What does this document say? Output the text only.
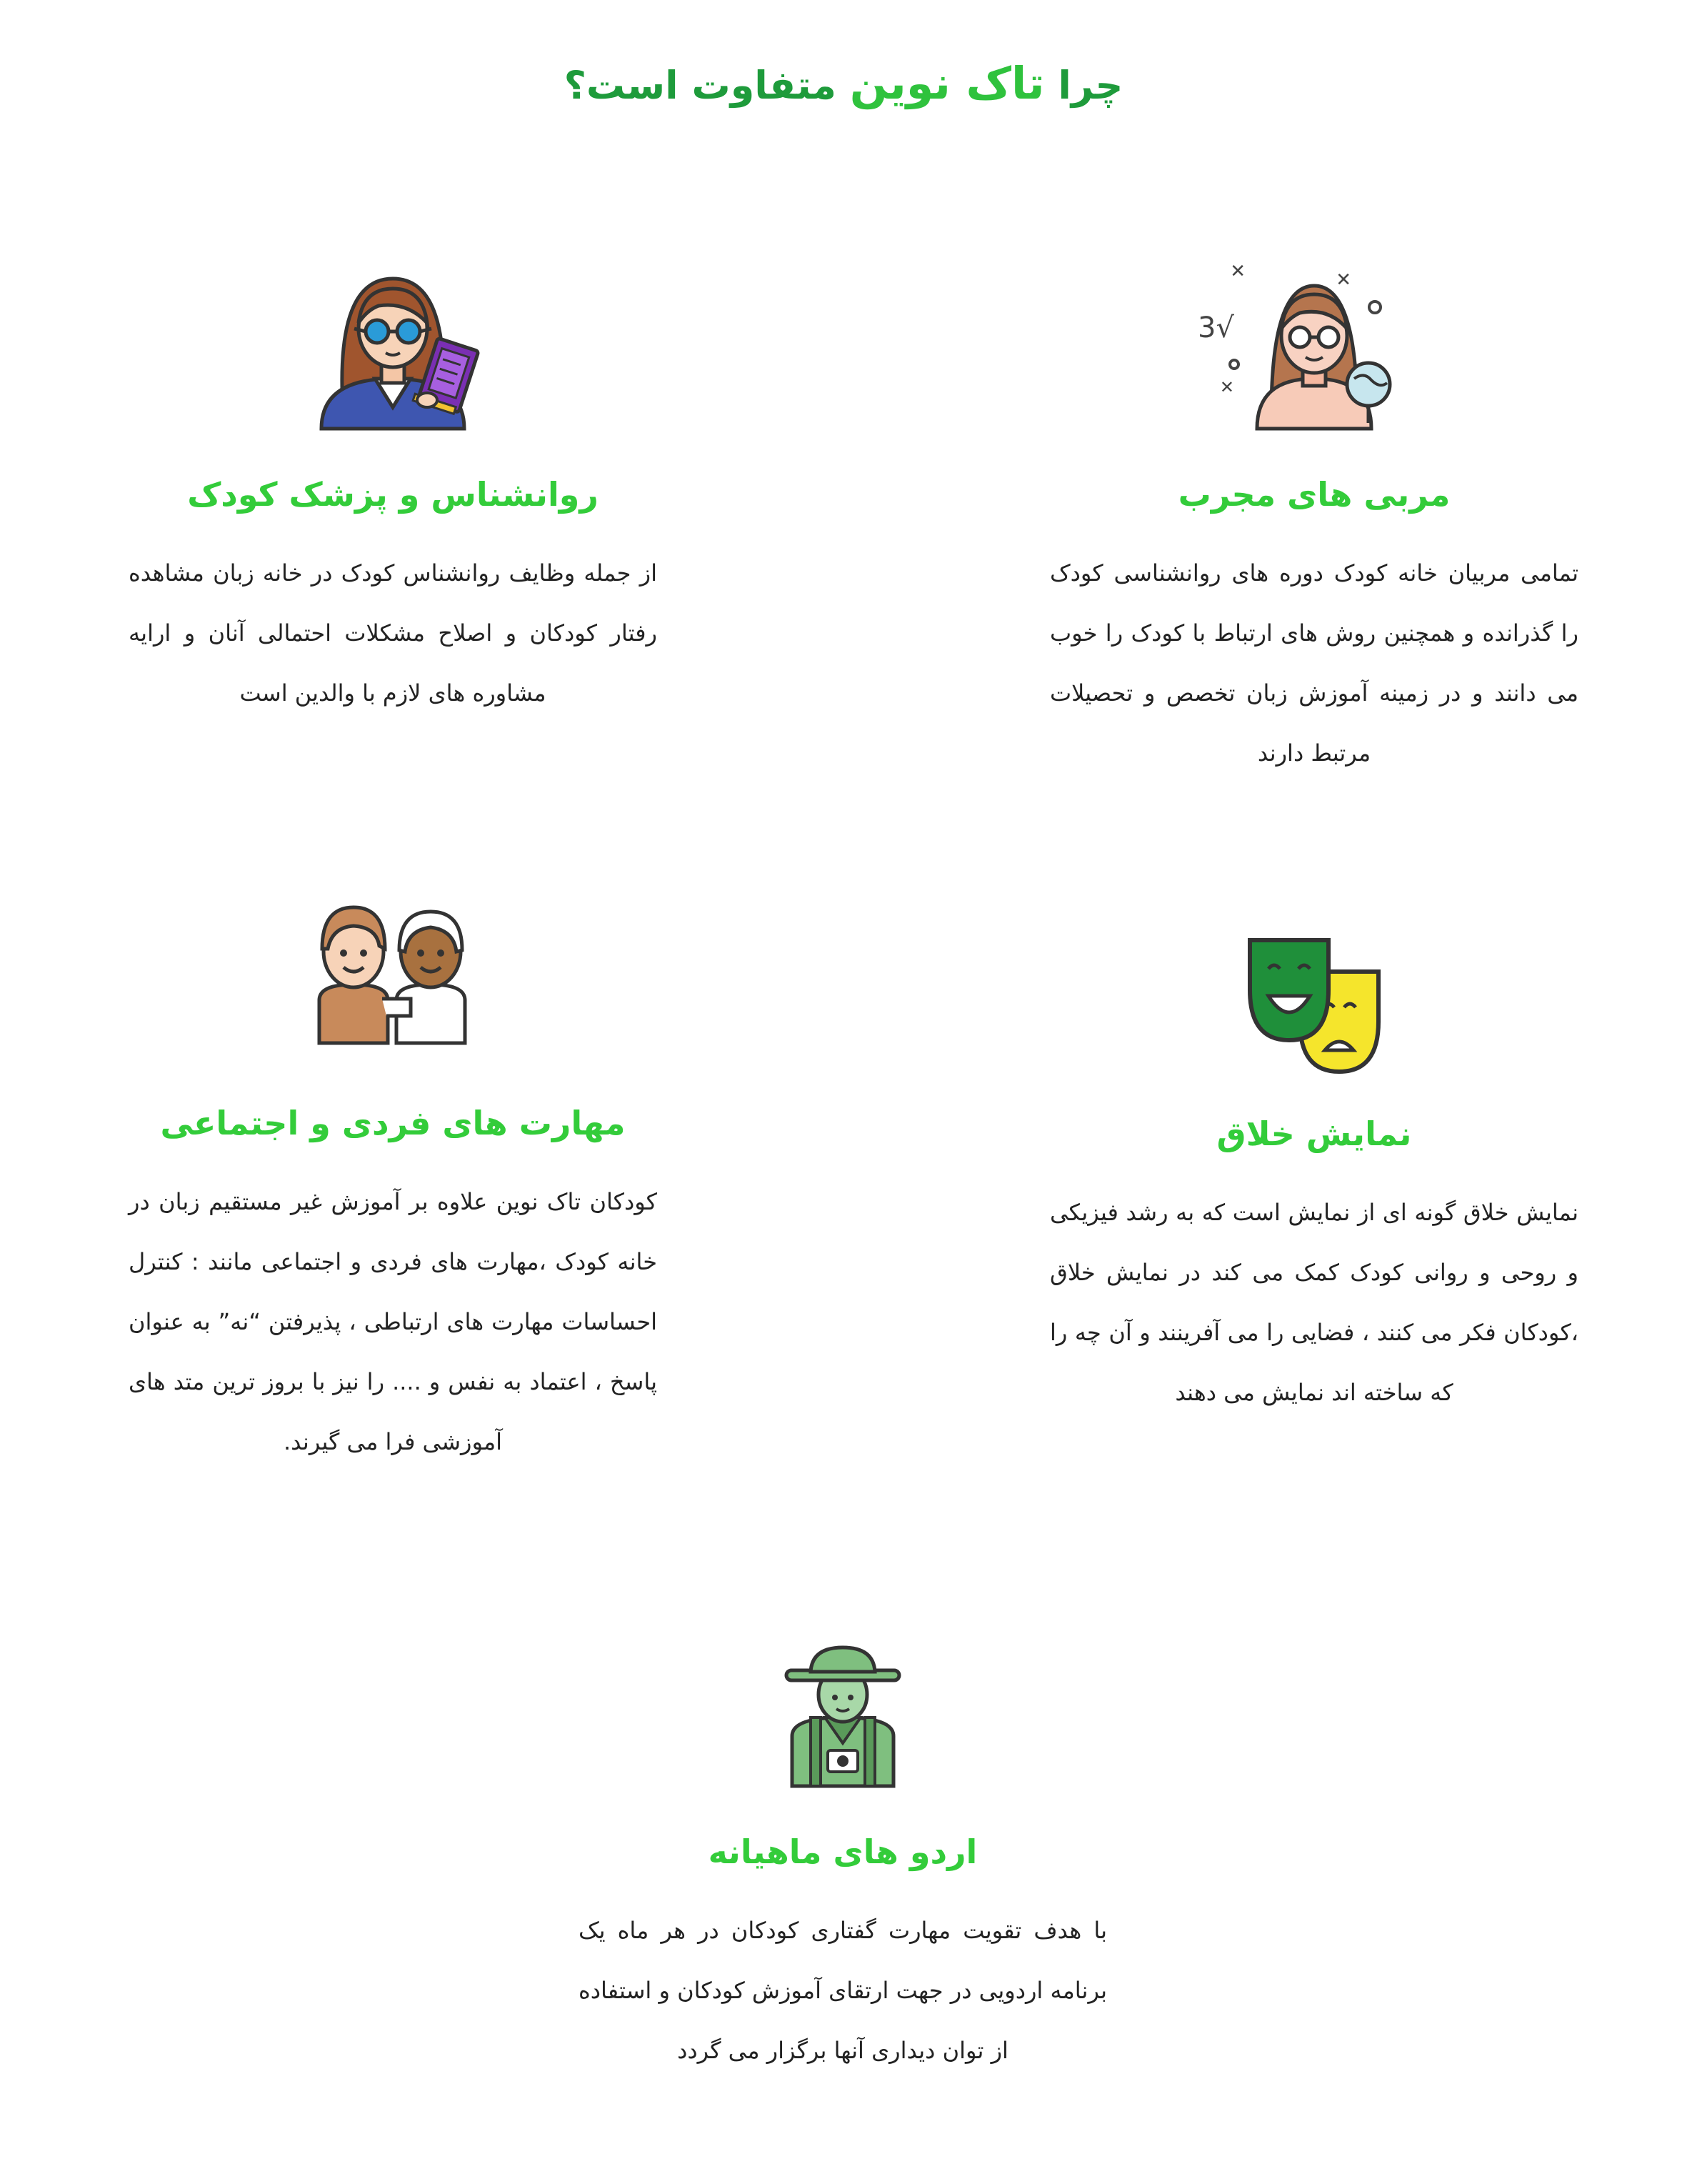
چرا تاک نوین متفاوت است؟
√3
✕	✕
✕
مربی های مجرب

تمامی مربیان خانه کودک دوره های روانشناسی کودک را گذرانده و همچنین روش های ارتباط با کودک را خوب می دانند و در زمینه آموزش زبان تخصص و تحصیلات مرتبط دارند

روانشناس و پزشک کودک

از جمله وظایف روانشناس کودک در خانه زبان مشاهده رفتار کودکان و اصلاح مشکلات احتمالی آنان و ارایه مشاوره های لازم با والدین است

نمایش خلاق

نمایش خلاق گونه ای از نمایش است که به رشد فیزیکی و روحی و روانی کودک کمک می کند در نمایش خلاق ،کودکان فکر می کنند ، فضایی را می آفرینند و آن چه را که ساخته اند نمایش می دهند

مهارت های فردی و اجتماعی

کودکان تاک نوین علاوه بر آموزش غیر مستقیم زبان در خانه کودک ،مهارت های فردی و اجتماعی مانند : کنترل احساسات مهارت های ارتباطی ، پذیرفتن “نه” به عنوان پاسخ ، اعتماد به نفس و .... را نیز با بروز ترین متد های آموزشی فرا می گیرند.

اردو های ماهیانه

با هدف تقویت مهارت گفتاری کودکان در هر ماه یک برنامه اردویی در جهت ارتقای آموزش کودکان و استفاده از توان دیداری آنها برگزار می گردد
